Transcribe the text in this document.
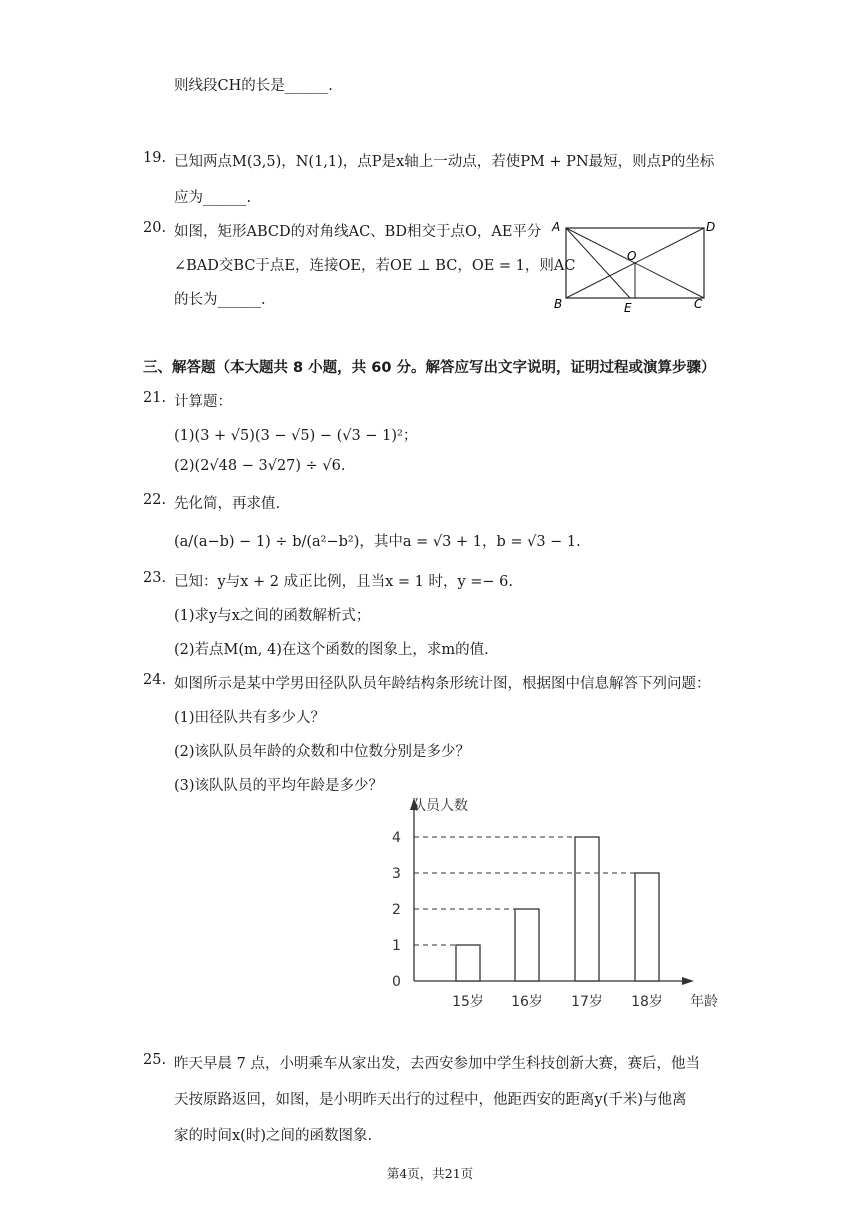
则线段CH的长是______.
19. 已知两点M(3,5)，N(1,1)，点P是x轴上一动点，若使PM + PN最短，则点P的坐标
应为______.
20. 如图，矩形ABCD的对角线AC、BD相交于点O，AE平分
∠BAD交BC于点E，连接OE，若OE ⊥ BC，OE = 1，则AC
的长为______.
A	D
B	C
O
E
三、解答题（本大题共 8 小题，共 60 分。解答应写出文字说明，证明过程或演算步骤）
21. 计算题：
(1)(3 + √5)(3 − √5) − (√3 − 1)²；
(2)(2√48 − 3√27) ÷ √6.
22. 先化简，再求值.
(a/(a−b) − 1) ÷ b/(a²−b²)，其中a = √3 + 1，b = √3 − 1.
23. 已知：y与x + 2 成正比例，且当x = 1 时，y =− 6.
(1)求y与x之间的函数解析式；
(2)若点M(m, 4)在这个函数的图象上，求m的值.
24. 如图所示是某中学男田径队队员年龄结构条形统计图，根据图中信息解答下列问题：
(1)田径队共有多少人？
(2)该队队员年龄的众数和中位数分别是多少？
(3)该队队员的平均年龄是多少？
队员人数
年龄
0
1
2
3
4
15岁 16岁 17岁 18岁
25. 昨天早晨 7 点，小明乘车从家出发，去西安参加中学生科技创新大赛，赛后，他当
天按原路返回，如图，是小明昨天出行的过程中，他距西安的距离y(千米)与他离
家的时间x(时)之间的函数图象.
第4页，共21页
